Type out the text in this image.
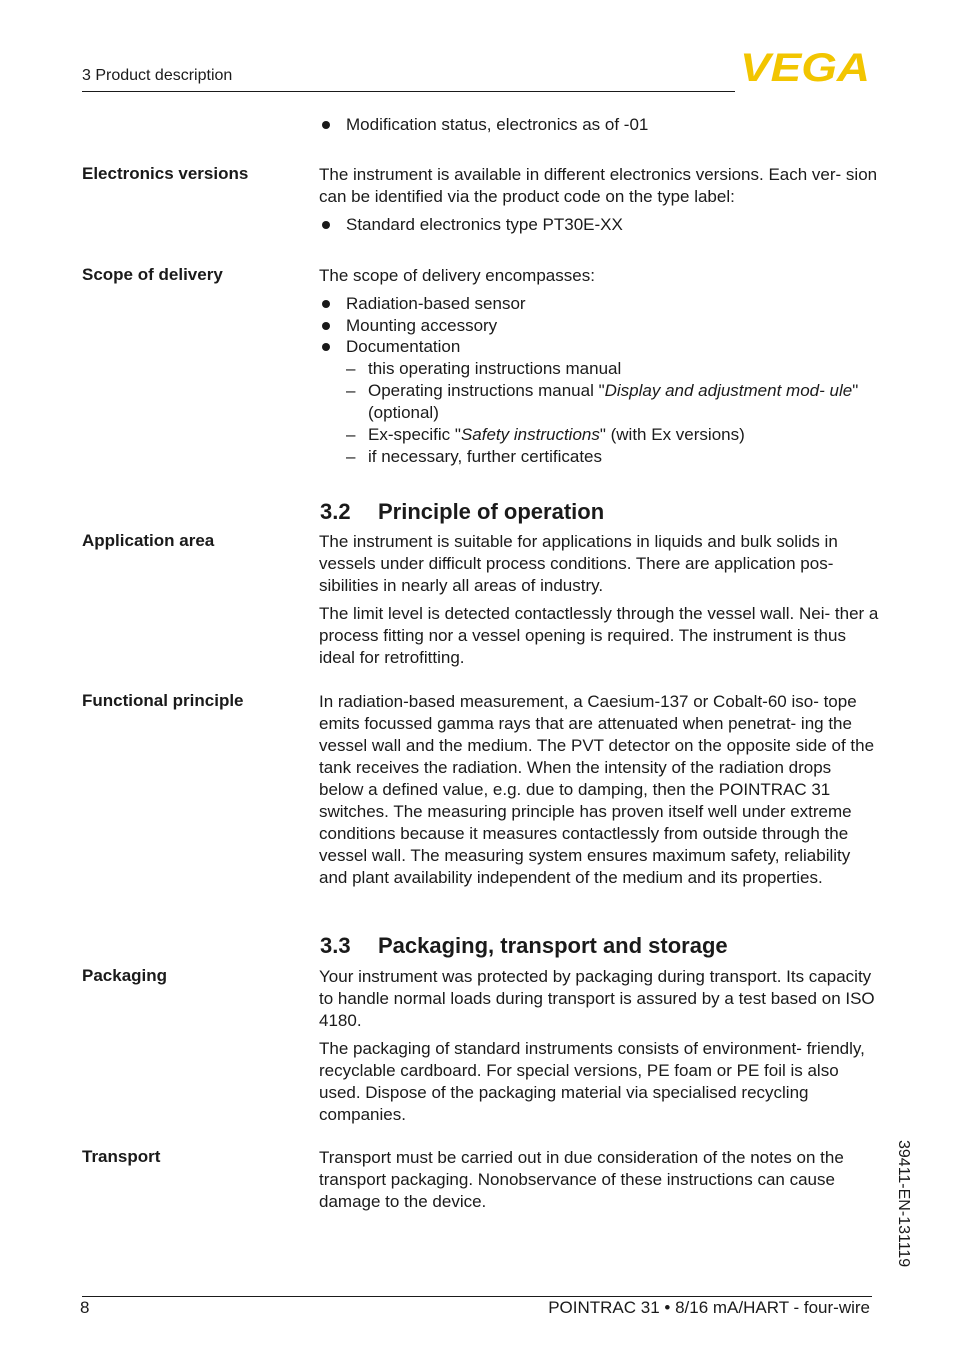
3 Product description	VEGA
Modification status, electronics as of -01
Electronics versions	The instrument is available in different electronics versions. Each ver- sion can be identified via the product code on the type label:

Standard electronics type PT30E-XX
Scope of delivery	The scope of delivery encompasses:

Radiation-based sensor
Mounting accessory
Documentation
– this operating instructions manual
– Operating instructions manual "Display and adjustment mod- ule" (optional)
– Ex-specific "Safety instructions" (with Ex versions)
– if necessary, further certificates
3.2 Principle of operation
Application area	The instrument is suitable for applications in liquids and bulk solids in vessels under difficult process conditions. There are application pos- sibilities in nearly all areas of industry.

The limit level is detected contactlessly through the vessel wall. Nei- ther a process fitting nor a vessel opening is required. The instrument is thus ideal for retrofitting.

Functional principle	In radiation-based measurement, a Caesium-137 or Cobalt-60 iso- tope emits focussed gamma rays that are attenuated when penetrat- ing the vessel wall and the medium. The PVT detector on the opposite side of the tank receives the radiation. When the intensity of the radiation drops below a defined value, e.g. due to damping, then the POINTRAC 31 switches. The measuring principle has proven itself well under extreme conditions because it measures contactlessly from outside through the vessel wall. The measuring system ensures maximum safety, reliability and plant availability independent of the medium and its properties.

3.3 Packaging, transport and storage
Packaging	Your instrument was protected by packaging during transport. Its capacity to handle normal loads during transport is assured by a test based on ISO 4180.

The packaging of standard instruments consists of environment- friendly, recyclable cardboard. For special versions, PE foam or PE foil is also used. Dispose of the packaging material via specialised recycling companies.

Transport	Transport must be carried out in due consideration of the notes on the transport packaging. Nonobservance of these instructions can cause damage to the device.	39411-EN-131119
8	POINTRAC 31 • 8/16 mA/HART - four-wire
